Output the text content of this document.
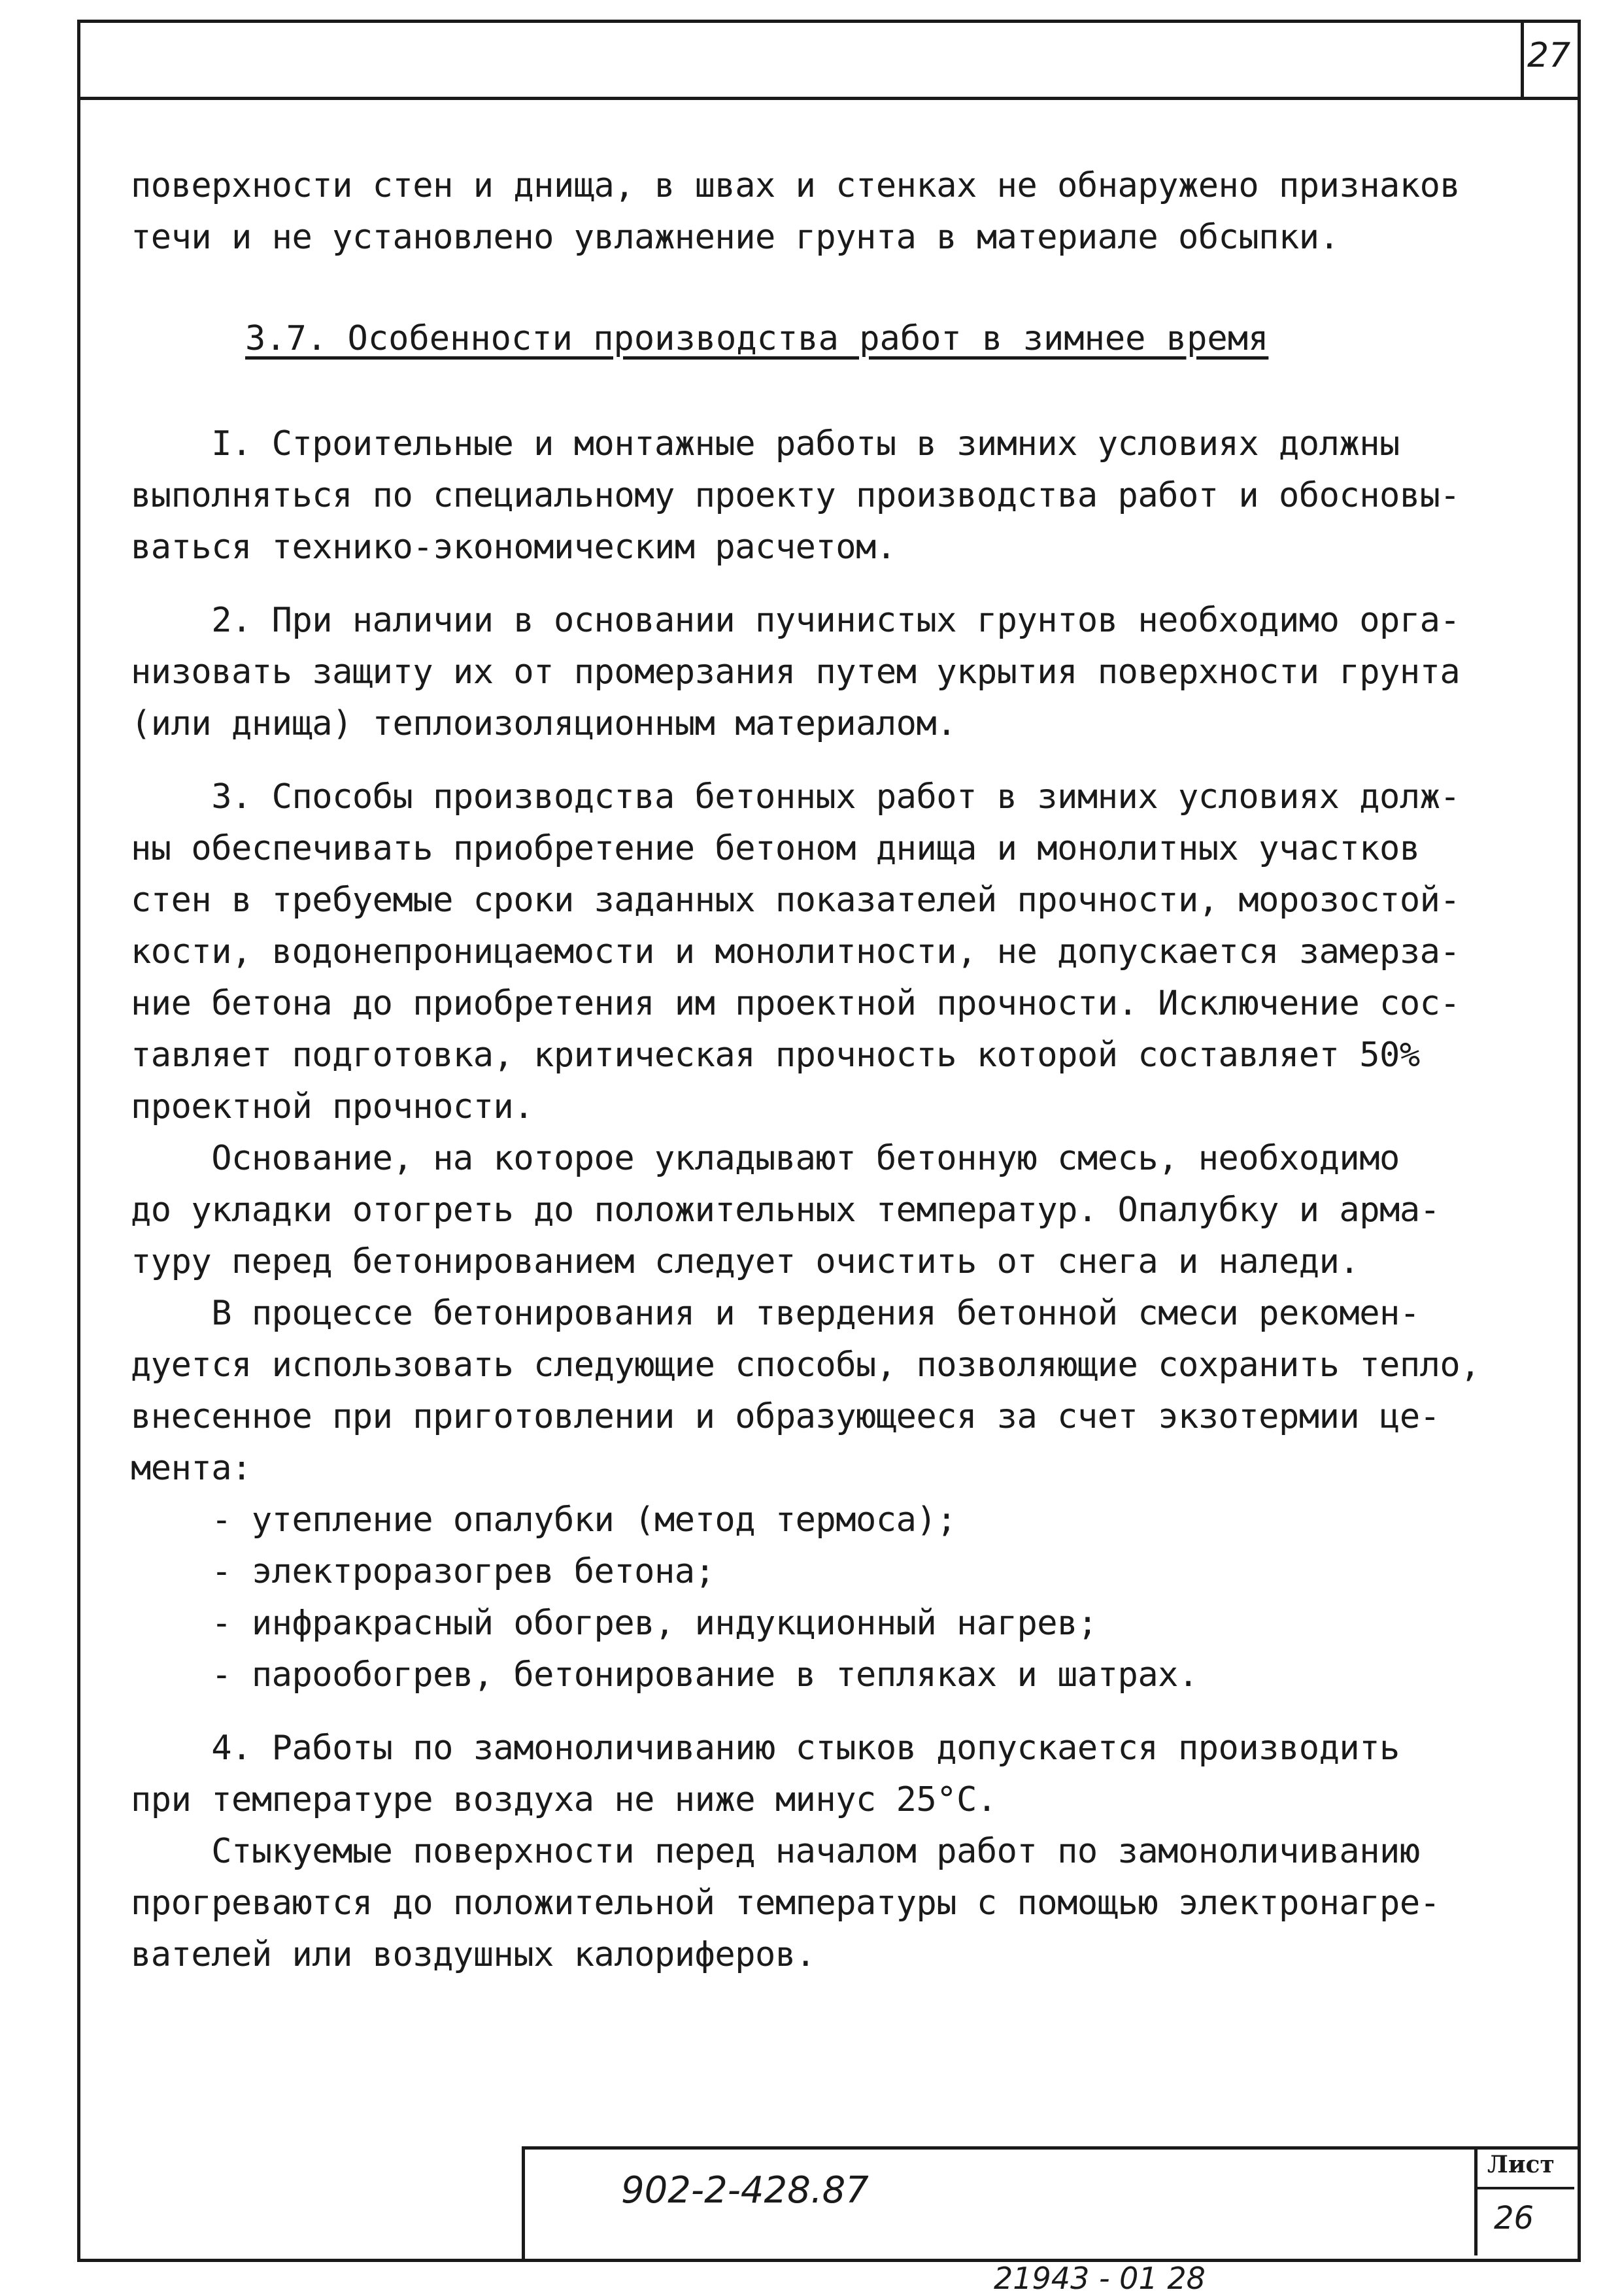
27
поверхности стен и днища, в швах и стенках не обнаружено признаков
течи и не установлено увлажнение грунта в материале обсыпки.
3.7. Особенности производства работ в зимнее время
I. Строительные и монтажные работы в зимних условиях должны
выполняться по специальному проекту производства работ и обосновы-
ваться технико-экономическим расчетом.
2. При наличии в основании пучинистых грунтов необходимо орга-
низовать защиту их от промерзания путем укрытия поверхности грунта
(или днища) теплоизоляционным материалом.
3. Способы производства бетонных работ в зимних условиях долж-
ны обеспечивать приобретение бетоном днища и монолитных участков
стен в требуемые сроки заданных показателей прочности, морозостой-
кости, водонепроницаемости и монолитности, не допускается замерза-
ние бетона до приобретения им проектной прочности. Исключение сос-
тавляет подготовка, критическая прочность которой составляет 50%
проектной прочности.
Основание, на которое укладывают бетонную смесь, необходимо
до укладки отогреть до положительных температур. Опалубку и арма-
туру перед бетонированием следует очистить от снега и наледи.
В процессе бетонирования и твердения бетонной смеси рекомен-
дуется использовать следующие способы, позволяющие сохранить тепло,
внесенное при приготовлении и образующееся за счет экзотермии це-
мента:
- утепление опалубки (метод термоса);
- электроразогрев бетона;
- инфракрасный обогрев, индукционный нагрев;
- парообогрев, бетонирование в тепляках и шатрах.
4. Работы по замоноличиванию стыков допускается производить
при температуре воздуха не ниже минус 25°С.
Стыкуемые поверхности перед началом работ по замоноличиванию
прогреваются до положительной температуры с помощью электронагре-
вателей или воздушных калориферов.
902-2-428.87
Лист
26
21943 - 01 28
